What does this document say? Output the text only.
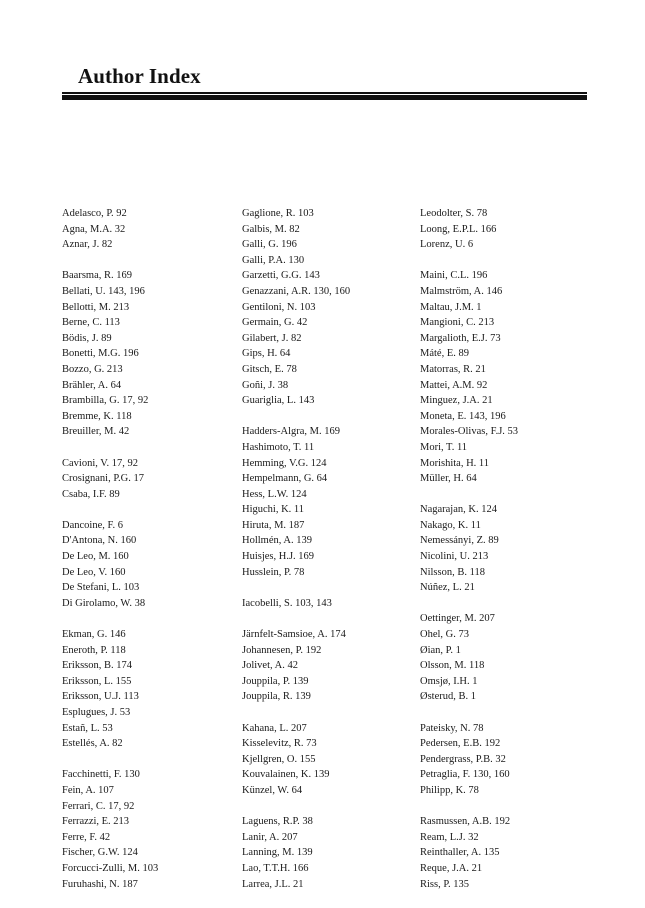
Author Index
Adelasco, P. 92
Agna, M.A. 32
Aznar, J. 82
Baarsma, R. 169
Bellati, U. 143, 196
Bellotti, M. 213
Berne, C. 113
Bödis, J. 89
Bonetti, M.G. 196
Bozzo, G. 213
Brähler, A. 64
Brambilla, G. 17, 92
Bremme, K. 118
Breuiller, M. 42
Cavioni, V. 17, 92
Crosignani, P.G. 17
Csaba, I.F. 89
Dancoine, F. 6
D'Antona, N. 160
De Leo, M. 160
De Leo, V. 160
De Stefani, L. 103
Di Girolamo, W. 38
Ekman, G. 146
Eneroth, P. 118
Eriksson, B. 174
Eriksson, L. 155
Eriksson, U.J. 113
Esplugues, J. 53
Estañ, L. 53
Estellés, A. 82
Facchinetti, F. 130
Fein, A. 107
Ferrari, C. 17, 92
Ferrazzi, E. 213
Ferre, F. 42
Fischer, G.W. 124
Forcucci-Zulli, M. 103
Furuhashi, N. 187
Gaglione, R. 103
Galbis, M. 82
Galli, G. 196
Galli, P.A. 130
Garzetti, G.G. 143
Genazzani, A.R. 130, 160
Gentiloni, N. 103
Germain, G. 42
Gilabert, J. 82
Gips, H. 64
Gitsch, E. 78
Goñi, J. 38
Guariglia, L. 143
Hadders-Algra, M. 169
Hashimoto, T. 11
Hemming, V.G. 124
Hempelmann, G. 64
Hess, L.W. 124
Higuchi, K. 11
Hiruta, M. 187
Hollmén, A. 139
Huisjes, H.J. 169
Husslein, P. 78
Iacobelli, S. 103, 143
Järnfelt-Samsioe, A. 174
Johannesen, P. 192
Jolivet, A. 42
Jouppila, P. 139
Jouppila, R. 139
Kahana, L. 207
Kisselevitz, R. 73
Kjellgren, O. 155
Kouvalainen, K. 139
Künzel, W. 64
Laguens, R.P. 38
Lanir, A. 207
Lanning, M. 139
Lao, T.T.H. 166
Larrea, J.L. 21
Leodolter, S. 78
Loong, E.P.L. 166
Lorenz, U. 6
Maini, C.L. 196
Malmström, A. 146
Maltau, J.M. 1
Mangioni, C. 213
Margalioth, E.J. 73
Máté, E. 89
Matorras, R. 21
Mattei, A.M. 92
Minguez, J.A. 21
Moneta, E. 143, 196
Morales-Olivas, F.J. 53
Mori, T. 11
Morishita, H. 11
Müller, H. 64
Nagarajan, K. 124
Nakago, K. 11
Nemessányi, Z. 89
Nicolini, U. 213
Nilsson, B. 118
Núñez, L. 21
Oettinger, M. 207
Ohel, G. 73
Øian, P. 1
Olsson, M. 118
Omsjø, I.H. 1
Østerud, B. 1
Pateisky, N. 78
Pedersen, E.B. 192
Pendergrass, P.B. 32
Petraglia, F. 130, 160
Philipp, K. 78
Rasmussen, A.B. 192
Ream, L.J. 32
Reinthaller, A. 135
Reque, J.A. 21
Riss, P. 135
